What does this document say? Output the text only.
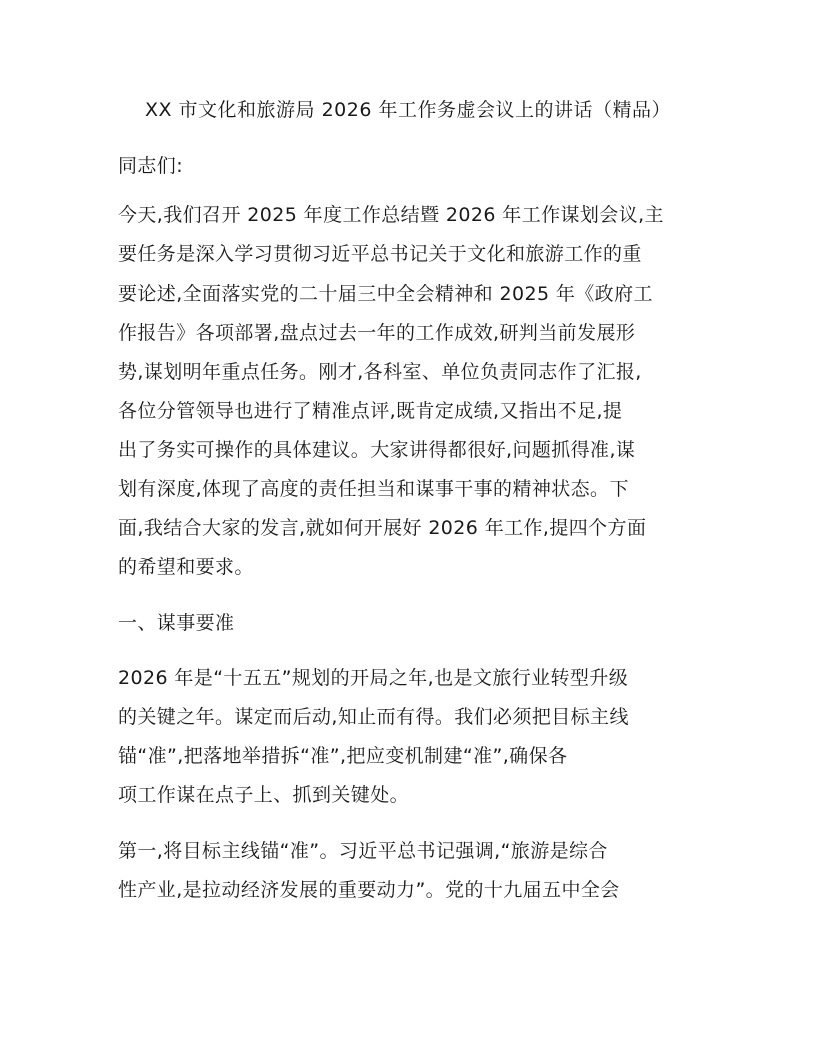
XX 市文化和旅游局 2026 年工作务虚会议上的讲话（精品）
同志们:
今天,我们召开 2025 年度工作总结暨 2026 年工作谋划会议,主
要任务是深入学习贯彻习近平总书记关于文化和旅游工作的重
要论述,全面落实党的二十届三中全会精神和 2025 年《政府工
作报告》各项部署,盘点过去一年的工作成效,研判当前发展形
势,谋划明年重点任务。刚才,各科室、单位负责同志作了汇报,
各位分管领导也进行了精准点评,既肯定成绩,又指出不足,提
出了务实可操作的具体建议。大家讲得都很好,问题抓得准,谋
划有深度,体现了高度的责任担当和谋事干事的精神状态。下
面,我结合大家的发言,就如何开展好 2026 年工作,提四个方面
的希望和要求。
一、谋事要准
2026 年是“十五五”规划的开局之年,也是文旅行业转型升级
的关键之年。谋定而后动,知止而有得。我们必须把目标主线
锚“准”,把落地举措拆“准”,把应变机制建“准”,确保各
项工作谋在点子上、抓到关键处。
第一,将目标主线锚“准”。习近平总书记强调,“旅游是综合
性产业,是拉动经济发展的重要动力”。党的十九届五中全会
